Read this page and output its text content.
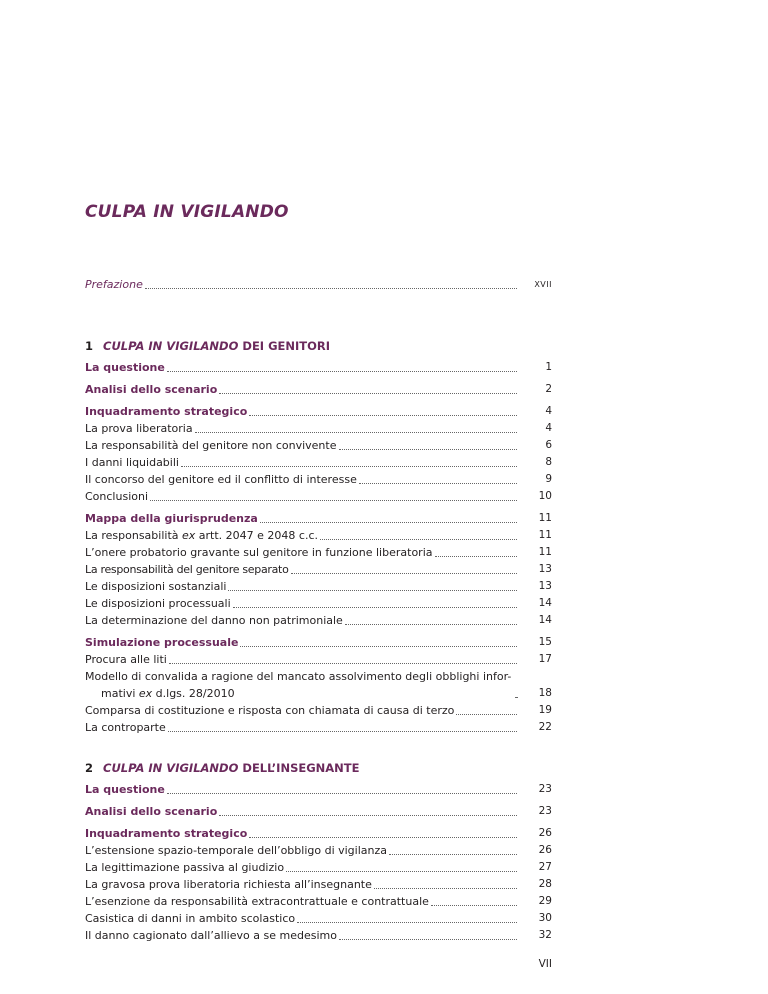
CULPA IN VIGILANDO
Prefazione	XVII
1 CULPA IN VIGILANDO DEI GENITORI
La questione	1
Analisi dello scenario	2
Inquadramento strategico	4
La prova liberatoria	4
La responsabilità del genitore non convivente	6
I danni liquidabili	8
Il concorso del genitore ed il conflitto di interesse	9
Conclusioni	10
Mappa della giurisprudenza	11
La responsabilità ex artt. 2047 e 2048 c.c.	11
L’onere probatorio gravante sul genitore in funzione liberatoria	11
La responsabilità del genitore separato	13
Le disposizioni sostanziali	13
Le disposizioni processuali	14
La determinazione del danno non patrimoniale	14
Simulazione processuale	15
Procura alle liti	17
Modello di convalida a ragione del mancato assolvimento degli obblighi infor-
mativi ex d.lgs. 28/2010	18
Comparsa di costituzione e risposta con chiamata di causa di terzo	19
La controparte	22
2 CULPA IN VIGILANDO DELL’INSEGNANTE
La questione	23
Analisi dello scenario	23
Inquadramento strategico	26
L’estensione spazio-temporale dell’obbligo di vigilanza	26
La legittimazione passiva al giudizio	27
La gravosa prova liberatoria richiesta all’insegnante	28
L’esenzione da responsabilità extracontrattuale e contrattuale	29
Casistica di danni in ambito scolastico	30
Il danno cagionato dall’allievo a se medesimo	32
VII
